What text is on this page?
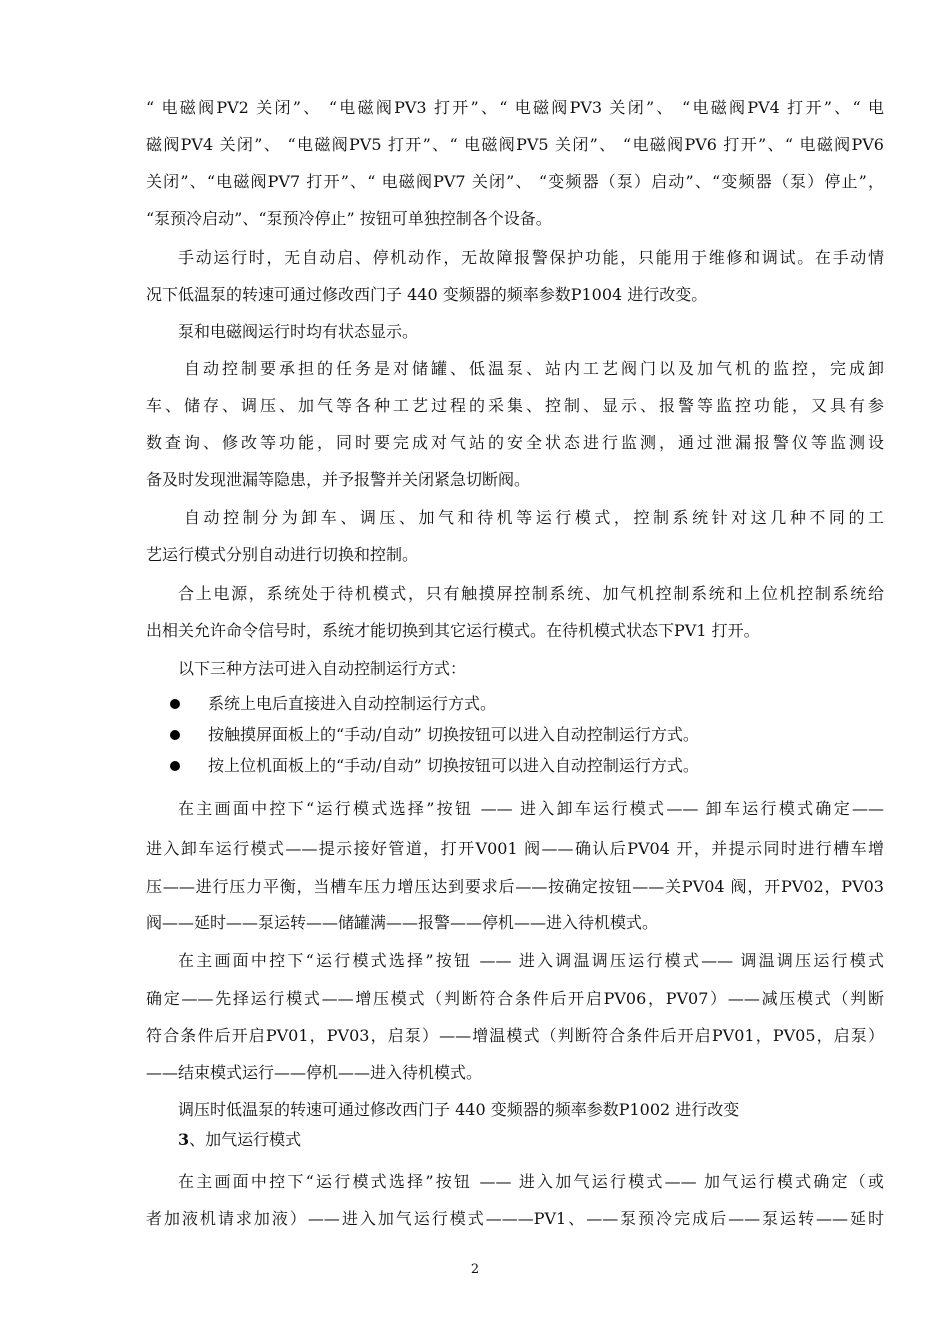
“ 电磁阀PV2 关闭”、 “电磁阀PV3 打开”、“ 电磁阀PV3 关闭”、 “电磁阀PV4 打开”、“ 电
磁阀PV4 关闭”、 “电磁阀PV5 打开”、“ 电磁阀PV5 关闭”、 “电磁阀PV6 打开”、“ 电磁阀PV6
关闭”、“电磁阀PV7 打开”、“ 电磁阀PV7 关闭”、 “变频器（泵）启动”、“变频器（泵）停止”，
“泵预冷启动”、“泵预冷停止” 按钮可单独控制各个设备。
手动运行时，无自动启、停机动作，无故障报警保护功能，只能用于维修和调试。在手动情
况下低温泵的转速可通过修改西门子 440 变频器的频率参数P1004 进行改变。
泵和电磁阀运行时均有状态显示。
自动控制要承担的任务是对储罐、低温泵、站内工艺阀门以及加气机的监控，完成卸
车、储存、调压、加气等各种工艺过程的采集、控制、显示、报警等监控功能，又具有参
数查询、修改等功能，同时要完成对气站的安全状态进行监测，通过泄漏报警仪等监测设
备及时发现泄漏等隐患，并予报警并关闭紧急切断阀。
自动控制分为卸车、调压、加气和待机等运行模式，控制系统针对这几种不同的工
艺运行模式分别自动进行切换和控制。
合上电源，系统处于待机模式，只有触摸屏控制系统、加气机控制系统和上位机控制系统给
出相关允许命令信号时，系统才能切换到其它运行模式。在待机模式状态下PV1 打开。
以下三种方法可进入自动控制运行方式：
系统上电后直接进入自动控制运行方式。
按触摸屏面板上的“手动/自动” 切换按钮可以进入自动控制运行方式。
按上位机面板上的“手动/自动” 切换按钮可以进入自动控制运行方式。
在主画面中控下“运行模式选择”按钮 —— 进入卸车运行模式—— 卸车运行模式确定——
进入卸车运行模式——提示接好管道，打开V001 阀——确认后PV04 开，并提示同时进行槽车增
压——进行压力平衡，当槽车压力增压达到要求后——按确定按钮——关PV04 阀，开PV02，PV03
阀——延时——泵运转——储罐满——报警——停机——进入待机模式。
在主画面中控下“运行模式选择”按钮 —— 进入调温调压运行模式—— 调温调压运行模式
确定——先择运行模式——增压模式（判断符合条件后开启PV06，PV07）——减压模式（判断
符合条件后开启PV01，PV03，启泵）——增温模式（判断符合条件后开启PV01，PV05，启泵）
——结束模式运行——停机——进入待机模式。
调压时低温泵的转速可通过修改西门子 440 变频器的频率参数P1002 进行改变
3、加气运行模式
在主画面中控下“运行模式选择”按钮 —— 进入加气运行模式—— 加气运行模式确定（或
者加液机请求加液）——进入加气运行模式———PV1、——泵预冷完成后——泵运转——延时
2
